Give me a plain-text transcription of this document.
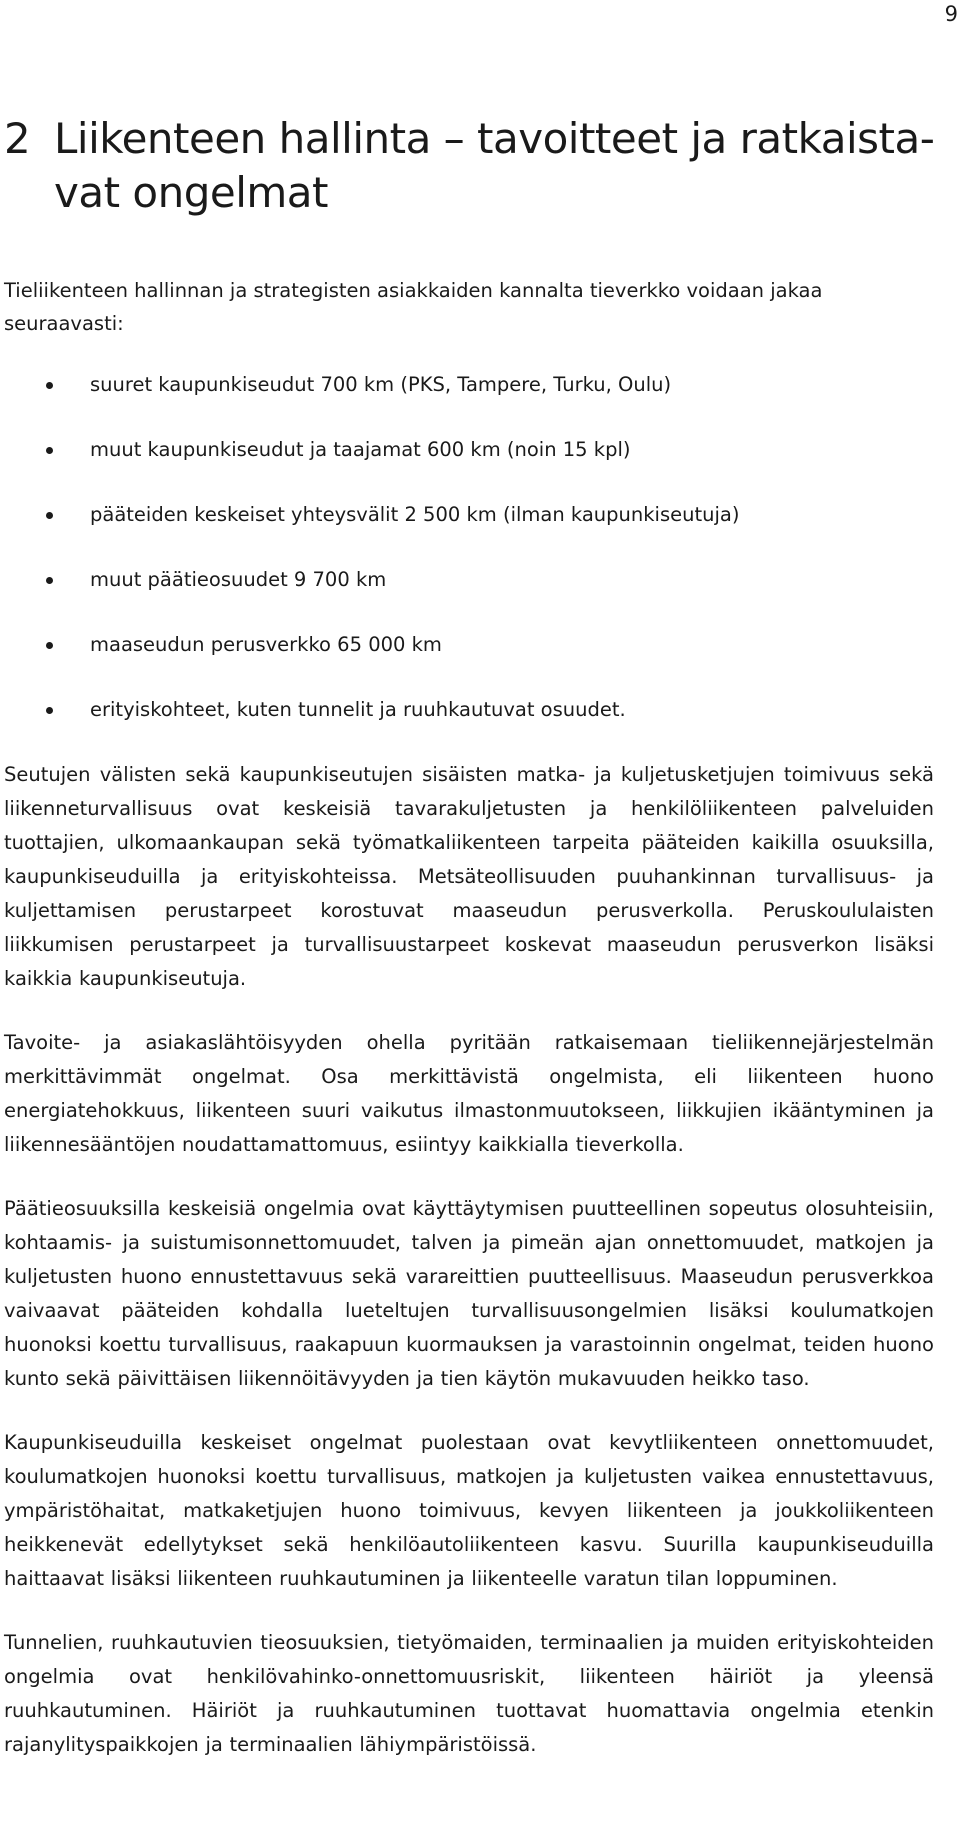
9
2 Liikenteen hallinta – tavoitteet ja ratkaistavat ongelmat

Tieliikenteen hallinnan ja strategisten asiakkaiden kannalta tieverkko voidaan jakaa seuraavasti:

suuret kaupunkiseudut 700 km (PKS, Tampere, Turku, Oulu)
muut kaupunkiseudut ja taajamat 600 km (noin 15 kpl)
pääteiden keskeiset yhteysvälit 2 500 km (ilman kaupunkiseutuja)
muut päätieosuudet 9 700 km
maaseudun perusverkko 65 000 km
erityiskohteet, kuten tunnelit ja ruuhkautuvat osuudet.

Seutujen välisten sekä kaupunkiseutujen sisäisten matka- ja kuljetusketjujen toimivuus sekä liikenneturvallisuus ovat keskeisiä tavarakuljetusten ja henkilöliikenteen palveluiden tuottajien, ulkomaankaupan sekä työmatkaliikenteen tarpeita pääteiden kaikilla osuuksilla, kaupunkiseuduilla ja erityiskohteissa. Metsäteollisuuden puuhankinnan turvallisuus- ja kuljettamisen perustarpeet korostuvat maaseudun perusverkolla. Peruskoululaisten liikkumisen perustarpeet ja turvallisuustarpeet koskevat maaseudun perusverkon lisäksi kaikkia kaupunkiseutuja.

Tavoite- ja asiakaslähtöisyyden ohella pyritään ratkaisemaan tieliikennejärjestelmän merkittävimmät ongelmat. Osa merkittävistä ongelmista, eli liikenteen huono energiatehokkuus, liikenteen suuri vaikutus ilmastonmuutokseen, liikkujien ikääntyminen ja liikennesääntöjen noudattamattomuus, esiintyy kaikkialla tieverkolla.

Päätieosuuksilla keskeisiä ongelmia ovat käyttäytymisen puutteellinen sopeutus olosuhteisiin, kohtaamis- ja suistumisonnettomuudet, talven ja pimeän ajan onnettomuudet, matkojen ja kuljetusten huono ennustettavuus sekä varareittien puutteellisuus. Maaseudun perusverkkoa vaivaavat pääteiden kohdalla lueteltujen turvallisuusongelmien lisäksi koulumatkojen huonoksi koettu turvallisuus, raakapuun kuormauksen ja varastoinnin ongelmat, teiden huono kunto sekä päivittäisen liikennöitävyyden ja tien käytön mukavuuden heikko taso.

Kaupunkiseuduilla keskeiset ongelmat puolestaan ovat kevytliikenteen onnettomuudet, koulumatkojen huonoksi koettu turvallisuus, matkojen ja kuljetusten vaikea ennustettavuus, ympäristöhaitat, matkaketjujen huono toimivuus, kevyen liikenteen ja joukkoliikenteen heikkenevät edellytykset sekä henkilöautoliikenteen kasvu. Suurilla kaupunkiseuduilla haittaavat lisäksi liikenteen ruuhkautuminen ja liikenteelle varatun tilan loppuminen.

Tunnelien, ruuhkautuvien tieosuuksien, tietyömaiden, terminaalien ja muiden erityiskohteiden ongelmia ovat henkilövahinko-onnettomuusriskit, liikenteen häiriöt ja yleensä ruuhkautuminen. Häiriöt ja ruuhkautuminen tuottavat huomattavia ongelmia etenkin rajanylityspaikkojen ja terminaalien lähiympäristöissä.
